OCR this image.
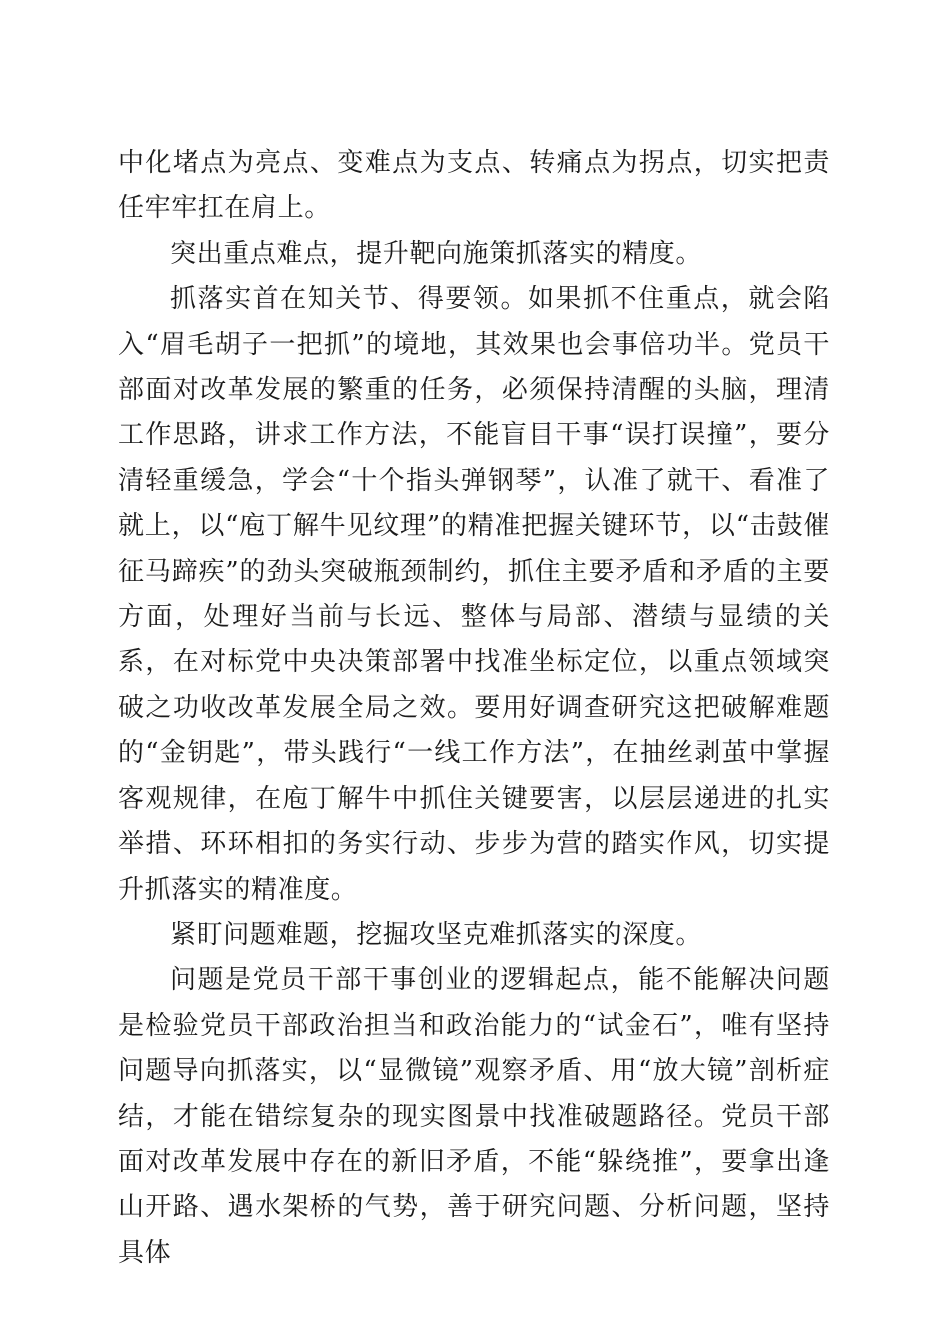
中化堵点为亮点、变难点为支点、转痛点为拐点，切实把责任牢牢扛在肩上。

突出重点难点，提升靶向施策抓落实的精度。

抓落实首在知关节、得要领。如果抓不住重点，就会陷入“眉毛胡子一把抓”的境地，其效果也会事倍功半。党员干部面对改革发展的繁重的任务，必须保持清醒的头脑，理清工作思路，讲求工作方法，不能盲目干事“误打误撞”，要分清轻重缓急，学会“十个指头弹钢琴”，认准了就干、看准了就上，以“庖丁解牛见纹理”的精准把握关键环节，以“击鼓催征马蹄疾”的劲头突破瓶颈制约，抓住主要矛盾和矛盾的主要方面，处理好当前与长远、整体与局部、潜绩与显绩的关系，在对标党中央决策部署中找准坐标定位，以重点领域突破之功收改革发展全局之效。要用好调查研究这把破解难题的“金钥匙”，带头践行“一线工作方法”，在抽丝剥茧中掌握客观规律，在庖丁解牛中抓住关键要害，以层层递进的扎实举措、环环相扣的务实行动、步步为营的踏实作风，切实提升抓落实的精准度。

紧盯问题难题，挖掘攻坚克难抓落实的深度。

问题是党员干部干事创业的逻辑起点，能不能解决问题是检验党员干部政治担当和政治能力的“试金石”，唯有坚持问题导向抓落实，以“显微镜”观察矛盾、用“放大镜”剖析症结，才能在错综复杂的现实图景中找准破题路径。党员干部面对改革发展中存在的新旧矛盾，不能“躲绕推”，要拿出逢山开路、遇水架桥的气势，善于研究问题、分析问题，坚持具体
